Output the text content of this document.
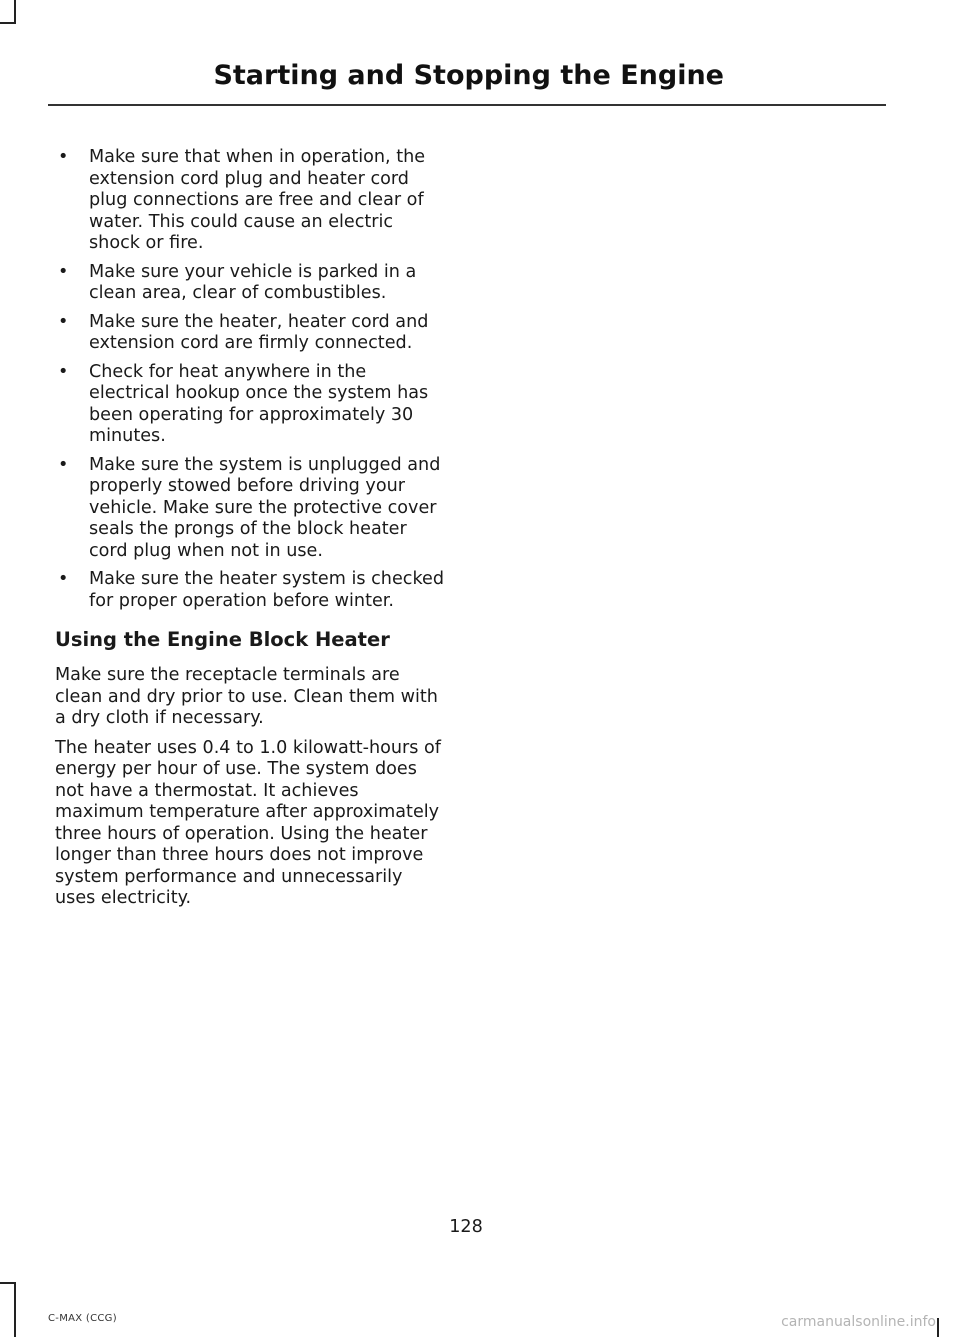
Starting and Stopping the Engine
• Make sure that when in operation, the extension cord plug and heater cord plug connections are free and clear of water. This could cause an electric shock or fire.
• Make sure your vehicle is parked in a clean area, clear of combustibles.
• Make sure the heater, heater cord and extension cord are firmly connected.
• Check for heat anywhere in the electrical hookup once the system has been operating for approximately 30 minutes.
• Make sure the system is unplugged and properly stowed before driving your vehicle. Make sure the protective cover seals the prongs of the block heater cord plug when not in use.
• Make sure the heater system is checked for proper operation before winter.
Using the Engine Block Heater

Make sure the receptacle terminals are clean and dry prior to use. Clean them with a dry cloth if necessary.

The heater uses 0.4 to 1.0 kilowatt-hours of energy per hour of use. The system does not have a thermostat. It achieves maximum temperature after approximately three hours of operation. Using the heater longer than three hours does not improve system performance and unnecessarily uses electricity.

128
C-MAX (CCG)	carmanualsonline.info
